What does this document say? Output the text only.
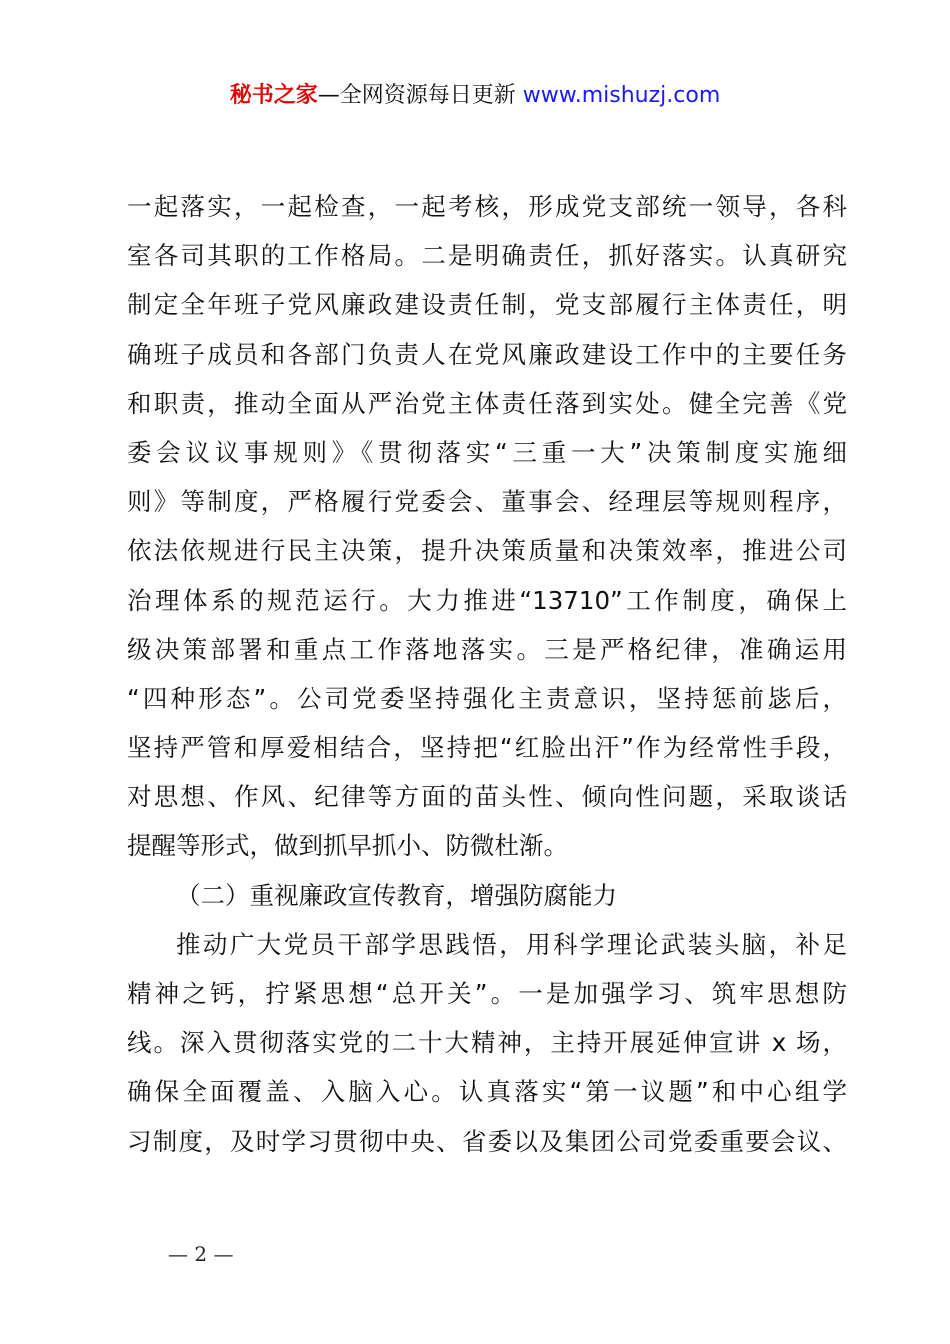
秘书之家—全网资源每日更新 www.mishuzj.com
一起落实，一起检查，一起考核，形成党支部统一领导，各科
室各司其职的工作格局。二是明确责任，抓好落实。认真研究
制定全年班子党风廉政建设责任制，党支部履行主体责任，明
确班子成员和各部门负责人在党风廉政建设工作中的主要任务
和职责，推动全面从严治党主体责任落到实处。健全完善《党
委会议议事规则》《贯彻落实“三重一大”决策制度实施细
则》等制度，严格履行党委会、董事会、经理层等规则程序，
依法依规进行民主决策，提升决策质量和决策效率，推进公司
治理体系的规范运行。大力推进“13710”工作制度，确保上
级决策部署和重点工作落地落实。三是严格纪律，准确运用
“四种形态”。公司党委坚持强化主责意识，坚持惩前毖后，
坚持严管和厚爱相结合，坚持把“红脸出汗”作为经常性手段，
对思想、作风、纪律等方面的苗头性、倾向性问题，采取谈话
提醒等形式，做到抓早抓小、防微杜渐。
（二）重视廉政宣传教育，增强防腐能力
推动广大党员干部学思践悟，用科学理论武装头脑，补足
精神之钙，拧紧思想“总开关”。一是加强学习、筑牢思想防
线。深入贯彻落实党的二十大精神，主持开展延伸宣讲 x 场，
确保全面覆盖、入脑入心。认真落实“第一议题”和中心组学
习制度，及时学习贯彻中央、省委以及集团公司党委重要会议、
— 2 —
